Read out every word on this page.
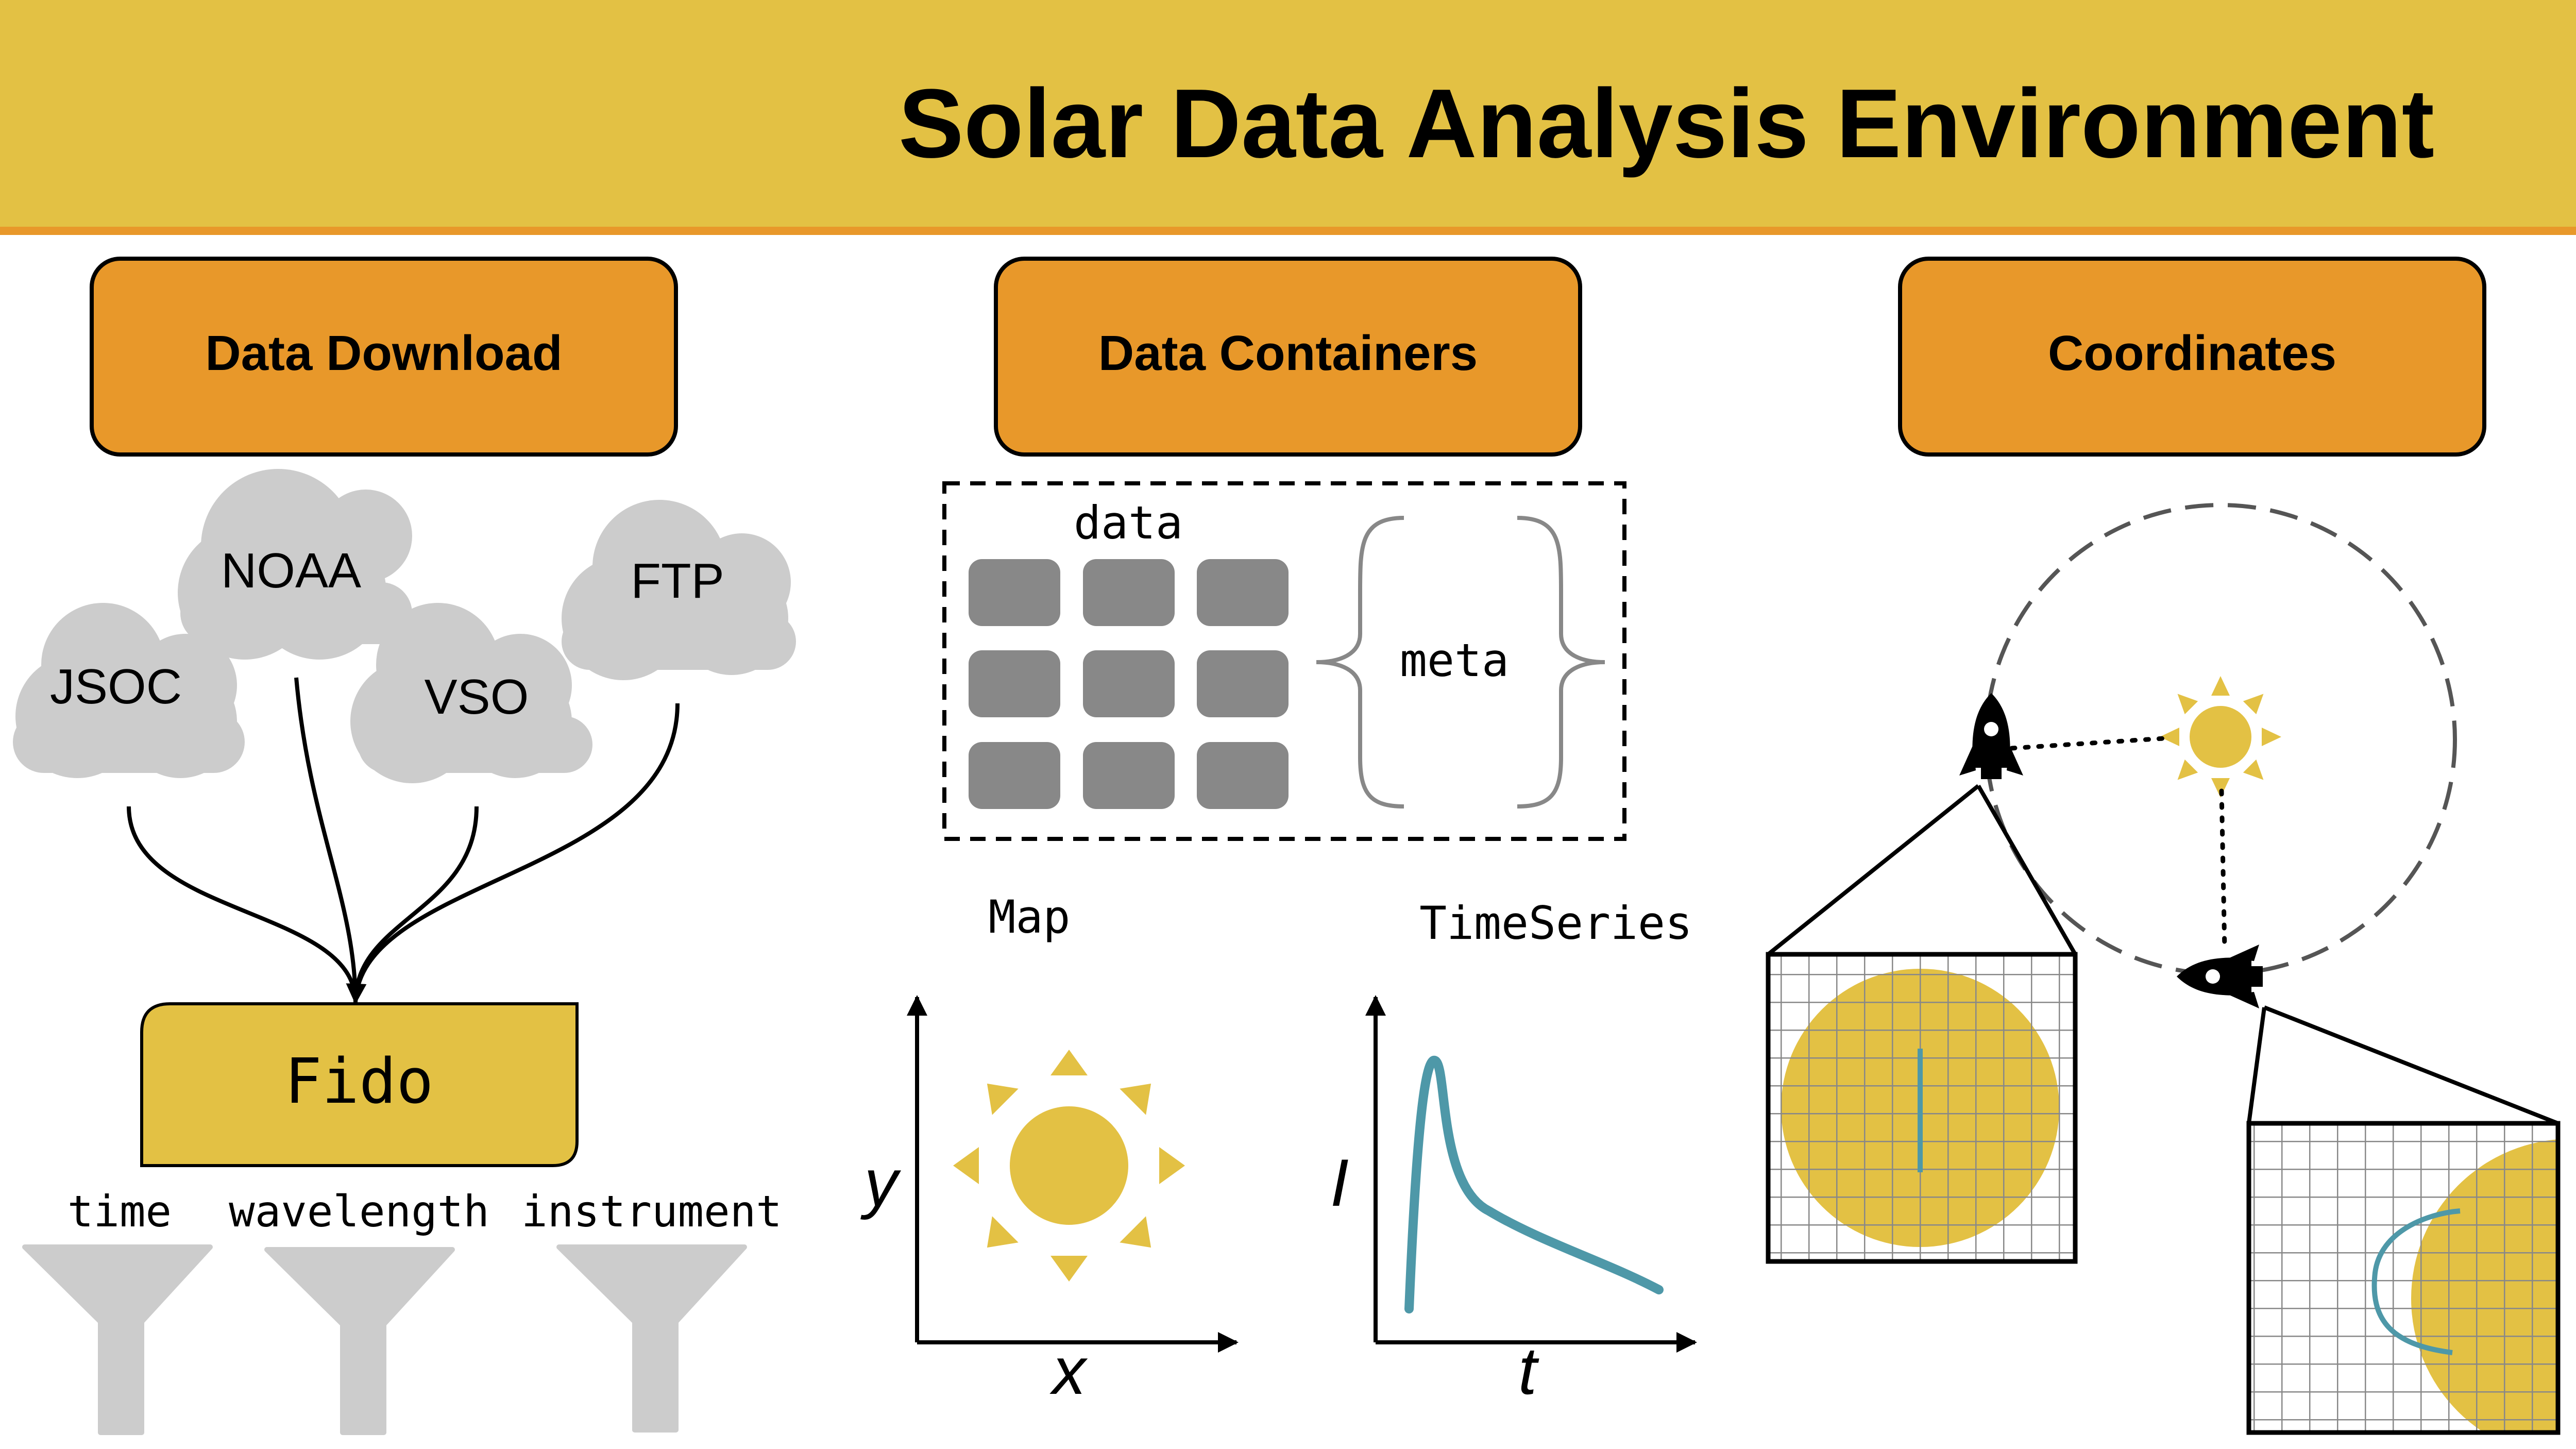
Solar Data Analysis Environment
Data Download	Data Containers	Coordinates
NOAA
JSOC	VSO
FTP
Fido
time wavelength instrument
data
meta
Map
y
x
TimeSeries
I
t
